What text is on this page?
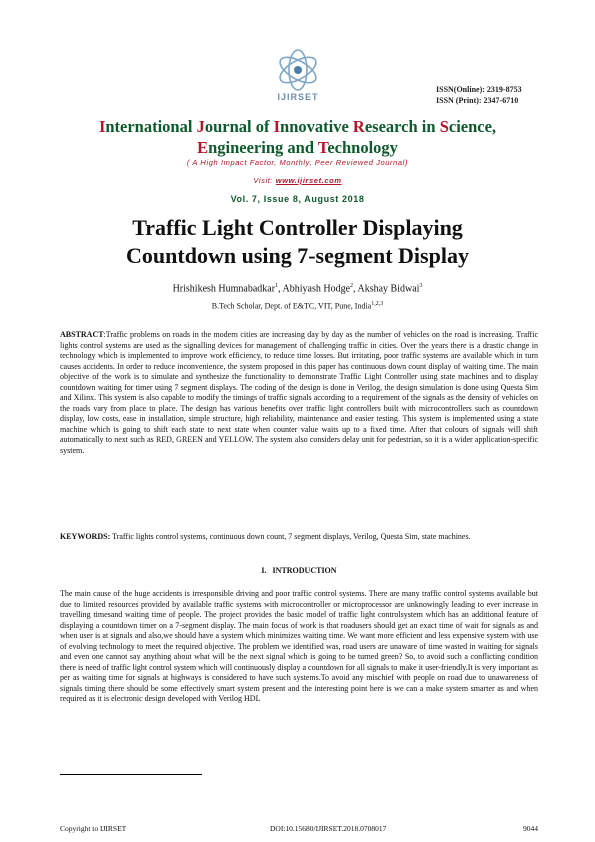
IJIRSET
ISSN(Online): 2319-8753
ISSN (Print): 2347-6710
International Journal of Innovative Research in Science,
Engineering and Technology
( A High Impact Factor, Monthly, Peer Reviewed Journal)
Visit: www.ijirset.com
Vol. 7, Issue 8, August 2018
Traffic Light Controller Displaying
Countdown using 7-segment Display
Hrishikesh Humnabadkar$^1$, Abhiyash Hodge$^2$, Akshay Bidwai$^3$
B.Tech Scholar, Dept. of E&TC, VIT, Pune, India$^{1,2,3}$
ABSTRACT:Traffic problems on roads in the modern cities are increasing day by day as the number of vehicles on the road is increasing. Traffic lights control systems are used as the signalling devices for management of challenging traffic in cities. Over the years there is a drastic change in technology which is implemented to improve work efficiency, to reduce time losses. But irritating, poor traffic systems are available which in turn causes accidents. In order to reduce inconvenience, the system proposed in this paper has continuous down count display of waiting time. The main objective of the work is to simulate and synthesize the functionality to demonstrate Traffic Light Controller using state machines and to display countdown waiting for timer using 7 segment displays. The coding of the design is done in Verilog, the design simulation is done using Questa Sim and Xilinx. This system is also capable to modify the timings of traffic signals according to a requirement of the signals as the density of vehicles on the roads vary from place to place. The design has various benefits over traffic light controllers built with microcontrollers such as countdown display, low costs, ease in installation, simple structure, high reliability, maintenance and easier testing. This system is implemented using a state machine which is going to shift each state to next state when counter value waits up to a fixed time. After that colours of signals will shift automatically to next such as RED, GREEN and YELLOW. The system also considers delay unit for pedestrian, so it is a wider application-specific system.
KEYWORDS: Traffic lights control systems, continuous down count, 7 segment displays, Verilog, Questa Sim, state machines.
I. INTRODUCTION
The main cause of the huge accidents is irresponsible driving and poor traffic control systems. There are many traffic control systems available but due to limited resources provided by available traffic systems with microcontroller or microprocessor are unknowingly leading to ever increase in travelling timesand waiting time of people. The project provides the basic model of traffic light controlsystem which has an additional feature of displaying a countdown timer on a 7-segment display. The main focus of work is that roadusers should get an exact time of wait for signals as and when user is at signals and also,we should have a system which minimizes waiting time. We want more efficient and less expensive system with use of evolving technology to meet the required objective. The problem we identified was, road users are unaware of time wasted in waiting for signals and even one cannot say anything about what will be the next signal which is going to be turned green? So, to avoid such a conflicting condition there is need of traffic light control system which will continuously display a countdown for all signals to make it user-friendly.It is very important as per as waiting time for signals at highways is considered to have such systems.To avoid any mischief with people on road due to unawareness of signals timing there should be some effectively smart system present and the interesting point here is we can a make system smarter as and when required as it is electronic design developed with Verilog HDL
Copyright to IJIRSET	DOI:10.15680/IJIRSET.2018.0708017	9044
